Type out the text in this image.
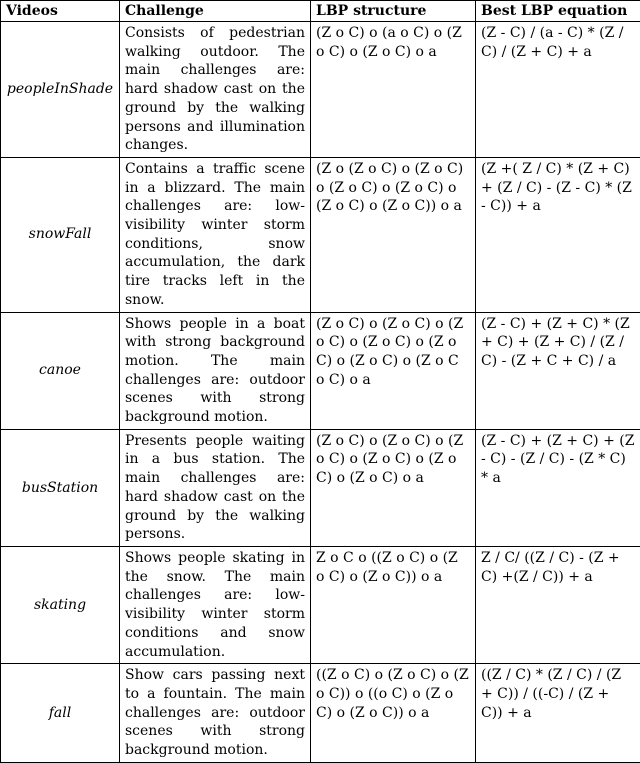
Videos	Challenge	LBP structure	Best LBP equation
peopleInShade	Consists of pedestrian walking outdoor. The main challenges are: hard shadow cast on the ground by the walking persons and illumination changes.	(Z o C) o (a o C) o (Z o C) o (Z o C) o a	(Z - C) / (a - C) * (Z / C) / (Z + C) + a
snowFall	Contains a traffic scene in a blizzard. The main challenges are: low-visibility winter storm conditions, snow accumulation, the dark tire tracks left in the snow.	(Z o (Z o C) o (Z o C) o (Z o C) o (Z o C) o (Z o C) o (Z o C)) o a	(Z +( Z / C) * (Z + C) + (Z / C) - (Z - C) * (Z - C)) + a
canoe	Shows people in a boat with strong background motion. The main challenges are: outdoor scenes with strong background motion.	(Z o C) o (Z o C) o (Z o C) o (Z o C) o (Z o C) o (Z o C) o (Z o C o C) o a	(Z - C) + (Z + C) * (Z + C) + (Z + C) / (Z / C) - (Z + C + C) / a
busStation	Presents people waiting in a bus station. The main challenges are: hard shadow cast on the ground by the walking persons.	(Z o C) o (Z o C) o (Z o C) o (Z o C) o (Z o C) o (Z o C) o a	(Z - C) + (Z + C) + (Z - C) - (Z / C) - (Z * C) * a
skating	Shows people skating in the snow. The main challenges are: low-visibility winter storm conditions and snow accumulation.	Z o C o ((Z o C) o (Z o C) o (Z o C)) o a	Z / C/ ((Z / C) - (Z + C) +(Z / C)) + a
fall	Show cars passing next to a fountain. The main challenges are: outdoor scenes with strong background motion.	((Z o C) o (Z o C) o (Z o C)) o ((o C) o (Z o C) o (Z o C)) o a	((Z / C) * (Z / C) / (Z + C)) / ((-C) / (Z + C)) + a
